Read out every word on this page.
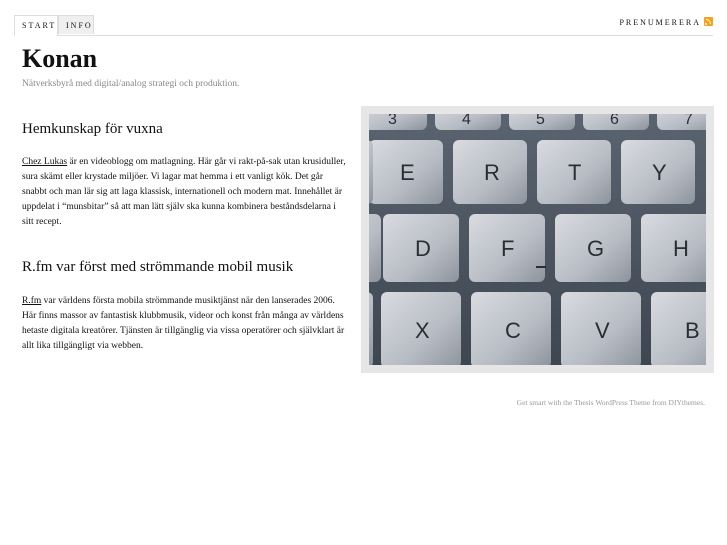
START	INFO	PRENUMERERA
Konan
Nätverksbyrå med digital/analog strategi och produktion.
Hemkunskap för vuxna

Chez Lukas är en videoblogg om matlagning. Här går vi rakt-på-sak utan krusiduller, sura skämt eller krystade miljöer. Vi lagar mat hemma i ett vanligt kök. Det går snabbt och man lär sig att laga klassisk, internationell och modern mat. Innehållet är uppdelat i “munsbitar” så att man lätt själv ska kunna kombinera beståndsdelarna i sitt recept.

R.fm var först med strömmande mobil musik

R.fm var världens första mobila strömmande musiktjänst när den lanserades 2006. Här finns massor av fantastisk klubbmusik, videor och konst från många av världens hetaste digitala kreatörer. Tjänsten är tillgänglig via vissa operatörer och självklart är allt lika tillgängligt via webben.

3	4	5	6	7
E	R	T	Y
D	F	G	H
X	C	V	B
Get smart with the Thesis WordPress Theme from DIYthemes.
